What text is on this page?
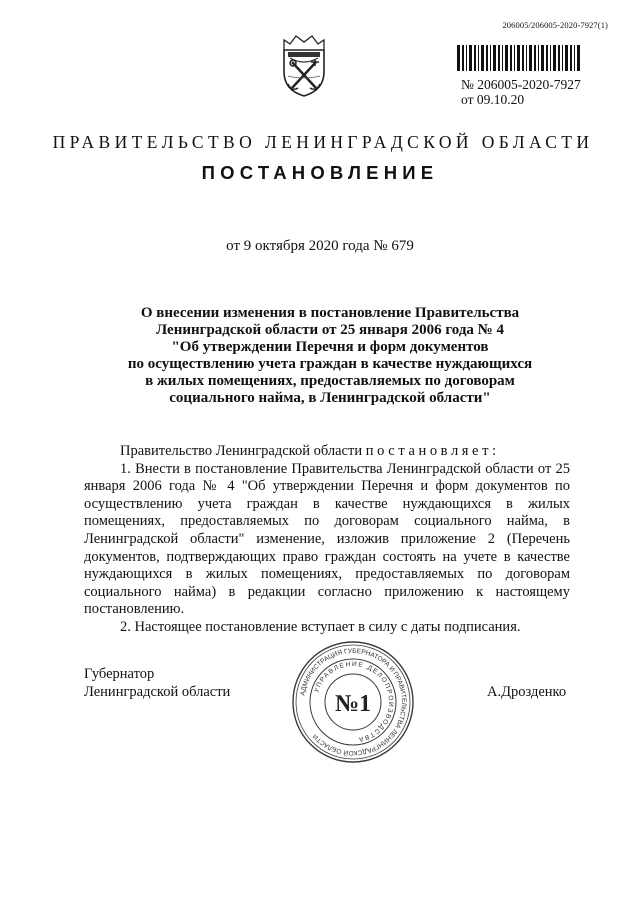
206005/206005-2020-7927(1)
№ 206005-2020-7927
от 09.10.20
ПРАВИТЕЛЬСТВО ЛЕНИНГРАДСКОЙ ОБЛАСТИ
ПОСТАНОВЛЕНИЕ
от 9 октября 2020 года № 679
О внесении изменения в постановление Правительства
Ленинградской области от 25 января 2006 года № 4
"Об утверждении Перечня и форм документов
по осуществлению учета граждан в качестве нуждающихся
в жилых помещениях, предоставляемых по договорам
социального найма, в Ленинградской области"

Правительство Ленинградской области постановляет:

1. Внести в постановление Правительства Ленинградской области от 25 января 2006 года № 4 "Об утверждении Перечня и форм документов по осуществлению учета граждан в качестве нуждающихся в жилых помещениях, предоставляемых по договорам социального найма, в Ленинградской области" изменение, изложив приложение 2 (Перечень документов, подтверждающих право граждан состоять на учете в качестве нуждающихся в жилых помещениях, предоставляемых по договорам социального найма) в редакции согласно приложению к настоящему постановлению.

2. Настоящее постановление вступает в силу с даты подписания.

Губернатор
Ленинградской области	АДМИНИСТРАЦИЯ ГУБЕРНАТОРА И ПРАВИТЕЛЬСТВА ЛЕНИНГРАДСКОЙ ОБЛАСТИ
УПРАВЛЕНИЕ ДЕЛОПРОИЗВОДСТВА
№1	А.Дрозденко
